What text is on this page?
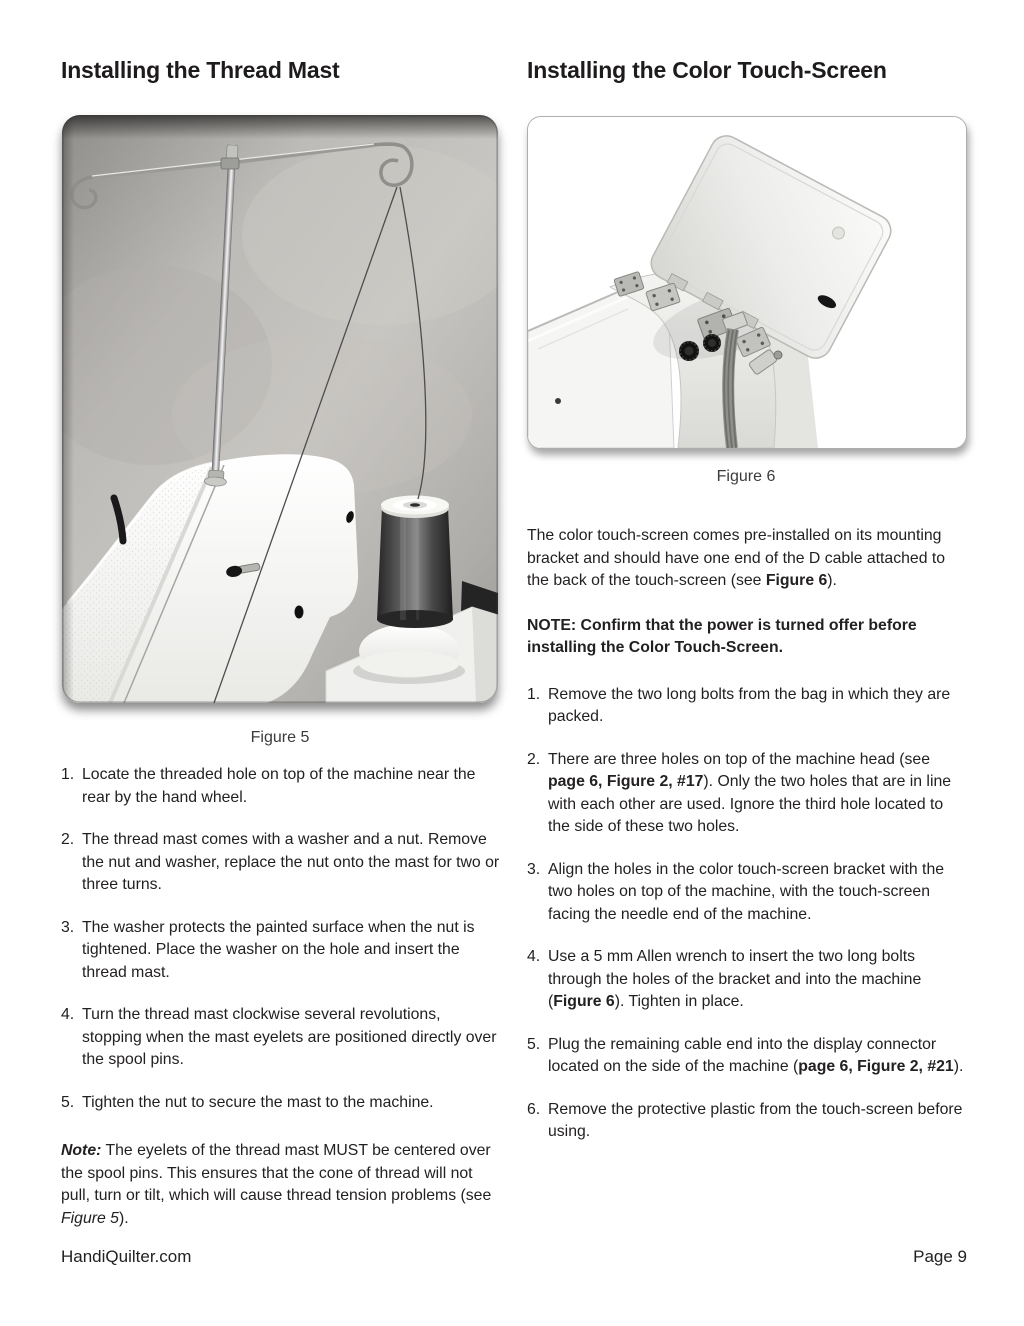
Installing the Thread Mast	Installing the Color Touch-Screen
Figure 5
Figure 6
1. Locate the threaded hole on top of the machine near the rear by the hand wheel.
2. The thread mast comes with a washer and a nut. Remove the nut and washer, replace the nut onto the mast for two or three turns.
3. The washer protects the painted surface when the nut is tightened. Place the washer on the hole and insert the thread mast.
4. Turn the thread mast clockwise several revolutions, stopping when the mast eyelets are positioned directly over the spool pins.
5. Tighten the nut to secure the mast to the machine.

Note: The eyelets of the thread mast MUST be centered over the spool pins. This ensures that the cone of thread will not pull, turn or tilt, which will cause thread tension problems (see Figure 5).

The color touch-screen comes pre-installed on its mounting bracket and should have one end of the D cable attached to the back of the touch-screen (see Figure 6).

NOTE: Confirm that the power is turned offer before installing the Color Touch-Screen.

1. Remove the two long bolts from the bag in which they are packed.
2. There are three holes on top of the machine head (see page 6, Figure 2, #17). Only the two holes that are in line with each other are used. Ignore the third hole located to the side of these two holes.
3. Align the holes in the color touch-screen bracket with the two holes on top of the machine, with the touch-screen facing the needle end of the machine.
4. Use a 5 mm Allen wrench to insert the two long bolts through the holes of the bracket and into the machine (Figure 6). Tighten in place.
5. Plug the remaining cable end into the display connector located on the side of the machine (page 6, Figure 2, #21).
6. Remove the protective plastic from the touch-screen before using.
HandiQuilter.com	Page 9
